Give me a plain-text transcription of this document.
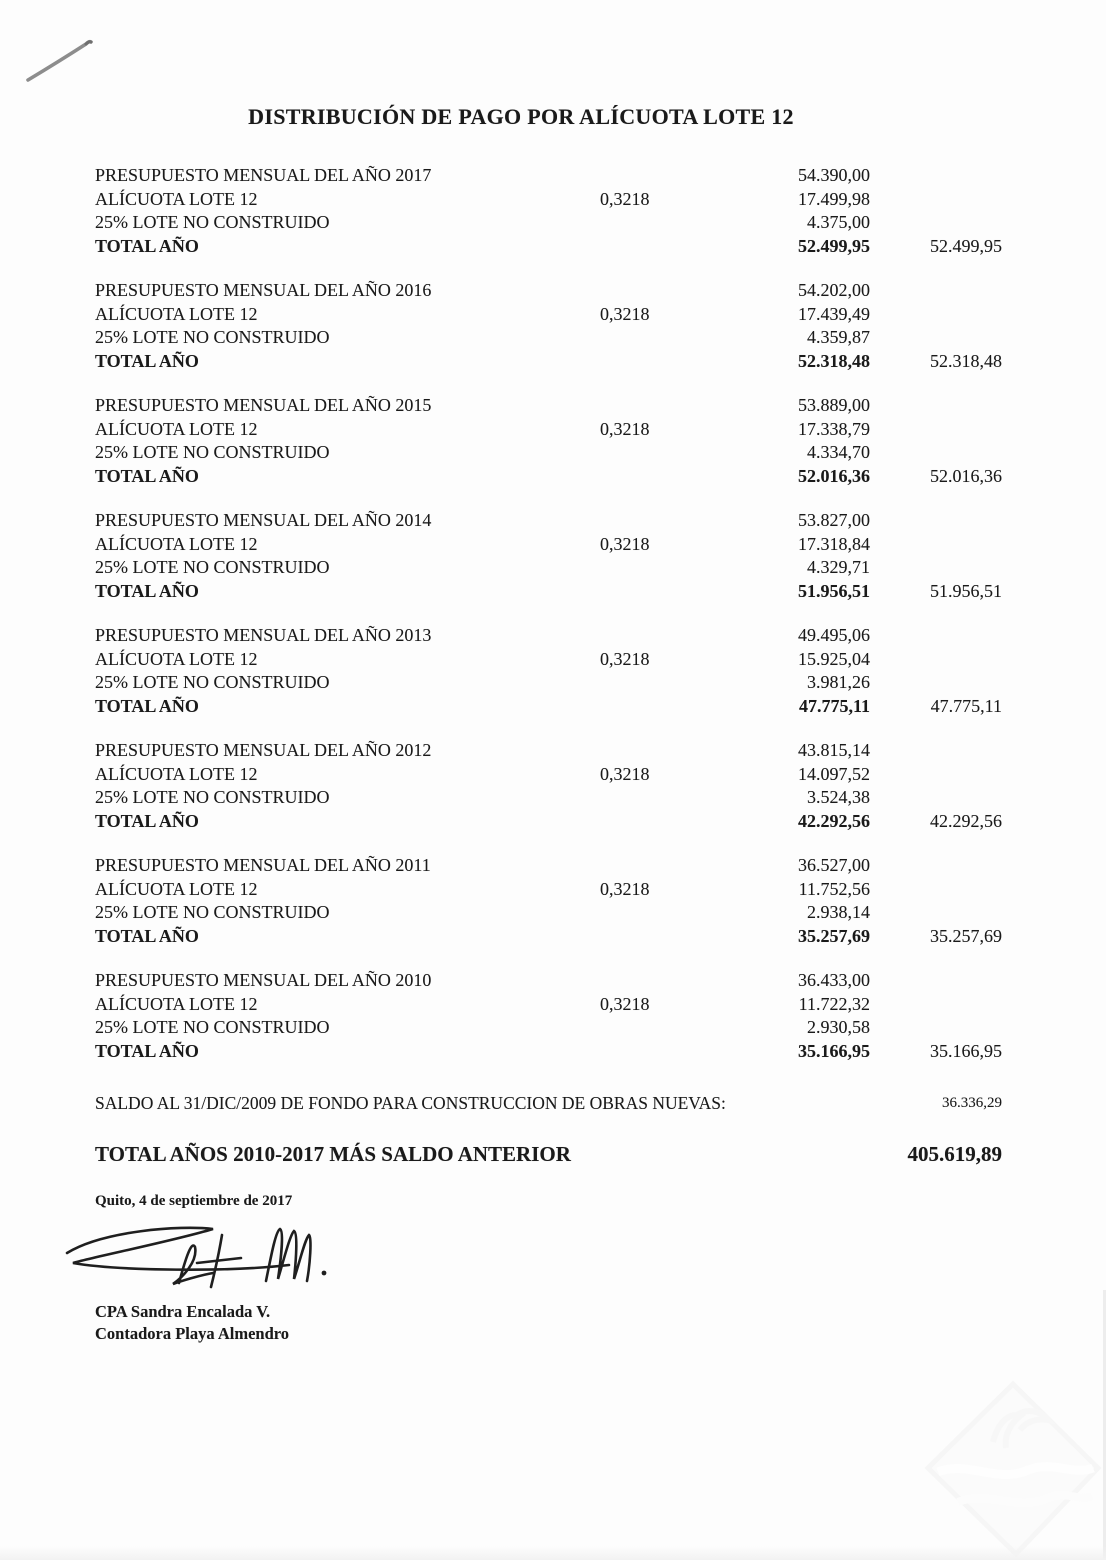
DISTRIBUCIÓN DE PAGO POR ALÍCUOTA LOTE 12
PRESUPUESTO MENSUAL DEL AÑO 2017	54.390,00
ALÍCUOTA LOTE 12	0,3218	17.499,98
25% LOTE NO CONSTRUIDO	4.375,00
TOTAL AÑO	52.499,95	52.499,95
PRESUPUESTO MENSUAL DEL AÑO 2016	54.202,00
ALÍCUOTA LOTE 12	0,3218	17.439,49
25% LOTE NO CONSTRUIDO	4.359,87
TOTAL AÑO	52.318,48	52.318,48
PRESUPUESTO MENSUAL DEL AÑO 2015	53.889,00
ALÍCUOTA LOTE 12	0,3218	17.338,79
25% LOTE NO CONSTRUIDO	4.334,70
TOTAL AÑO	52.016,36	52.016,36
PRESUPUESTO MENSUAL DEL AÑO 2014	53.827,00
ALÍCUOTA LOTE 12	0,3218	17.318,84
25% LOTE NO CONSTRUIDO	4.329,71
TOTAL AÑO	51.956,51	51.956,51
PRESUPUESTO MENSUAL DEL AÑO 2013	49.495,06
ALÍCUOTA LOTE 12	0,3218	15.925,04
25% LOTE NO CONSTRUIDO	3.981,26
TOTAL AÑO	47.775,11	47.775,11
PRESUPUESTO MENSUAL DEL AÑO 2012	43.815,14
ALÍCUOTA LOTE 12	0,3218	14.097,52
25% LOTE NO CONSTRUIDO	3.524,38
TOTAL AÑO	42.292,56	42.292,56
PRESUPUESTO MENSUAL DEL AÑO 2011	36.527,00
ALÍCUOTA LOTE 12	0,3218	11.752,56
25% LOTE NO CONSTRUIDO	2.938,14
TOTAL AÑO	35.257,69	35.257,69
PRESUPUESTO MENSUAL DEL AÑO 2010	36.433,00
ALÍCUOTA LOTE 12	0,3218	11.722,32
25% LOTE NO CONSTRUIDO	2.930,58
TOTAL AÑO	35.166,95	35.166,95
SALDO AL 31/DIC/2009 DE FONDO PARA CONSTRUCCION DE OBRAS NUEVAS:	36.336,29
TOTAL AÑOS 2010-2017 MÁS SALDO ANTERIOR	405.619,89
Quito, 4 de septiembre de 2017
CPA Sandra Encalada V.
Contadora Playa Almendro
